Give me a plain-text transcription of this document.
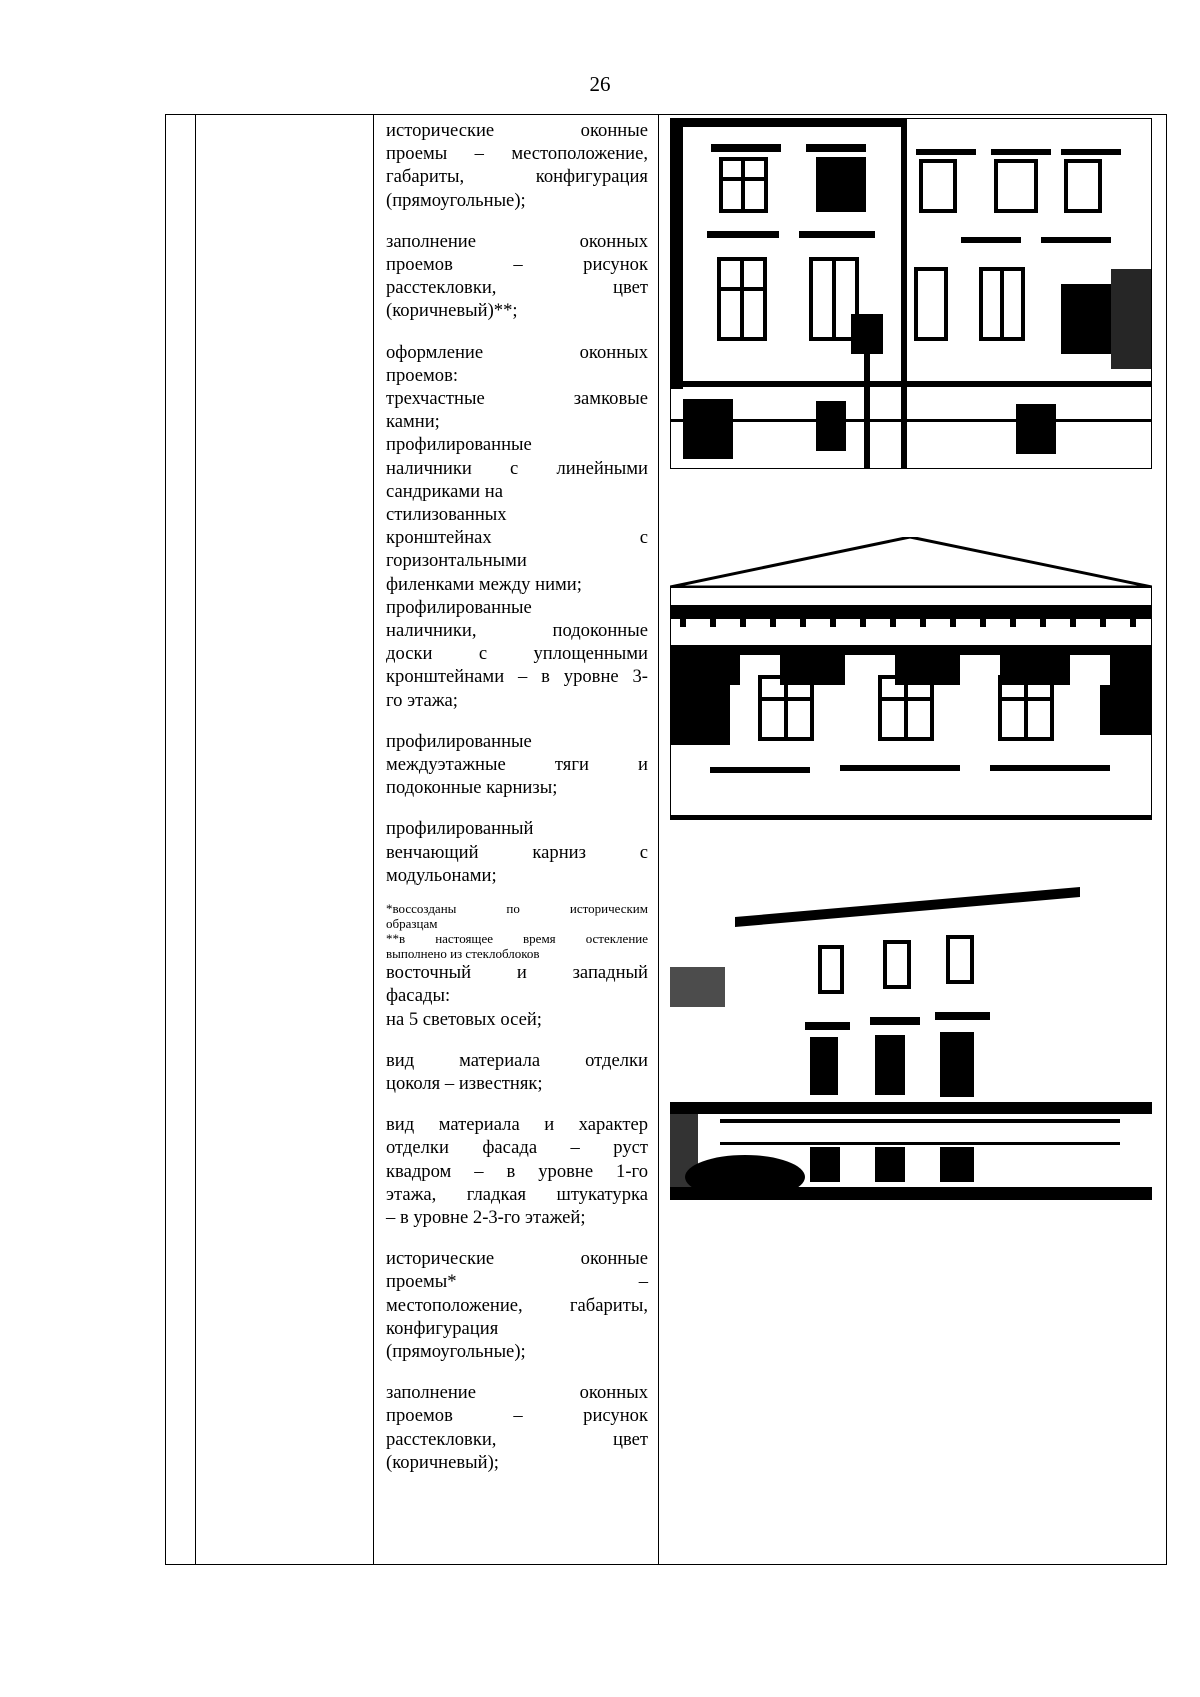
26

исторические оконные
проемы – местоположение,
габариты, конфигурация
(прямоугольные);

заполнение оконных
проемов – рисунок
расстекловки, цвет
(коричневый)**;

оформление оконных
проемов:
трехчастные замковые
камни;
профилированные
наличники с линейными
сандриками на
стилизованных
кронштейнах с
горизонтальными
филенками между ними;
профилированные
наличники, подоконные
доски с уплощенными
кронштейнами – в уровне 3-
го этажа;

профилированные
междуэтажные тяги и
подоконные карнизы;

профилированный
венчающий карниз с
модульонами;

*воссозданы по историческим
образцам

**в настоящее время остекление
выполнено из стеклоблоков

восточный и западный
фасады:
на 5 световых осей;

вид материала отделки
цоколя – известняк;

вид материала и характер
отделки фасада – руст
квадром – в уровне 1-го
этажа, гладкая штукатурка
– в уровне 2-3-го этажей;

исторические оконные
проемы* –
местоположение, габариты,
конфигурация
(прямоугольные);

заполнение оконных
проемов – рисунок
расстекловки, цвет
(коричневый);
